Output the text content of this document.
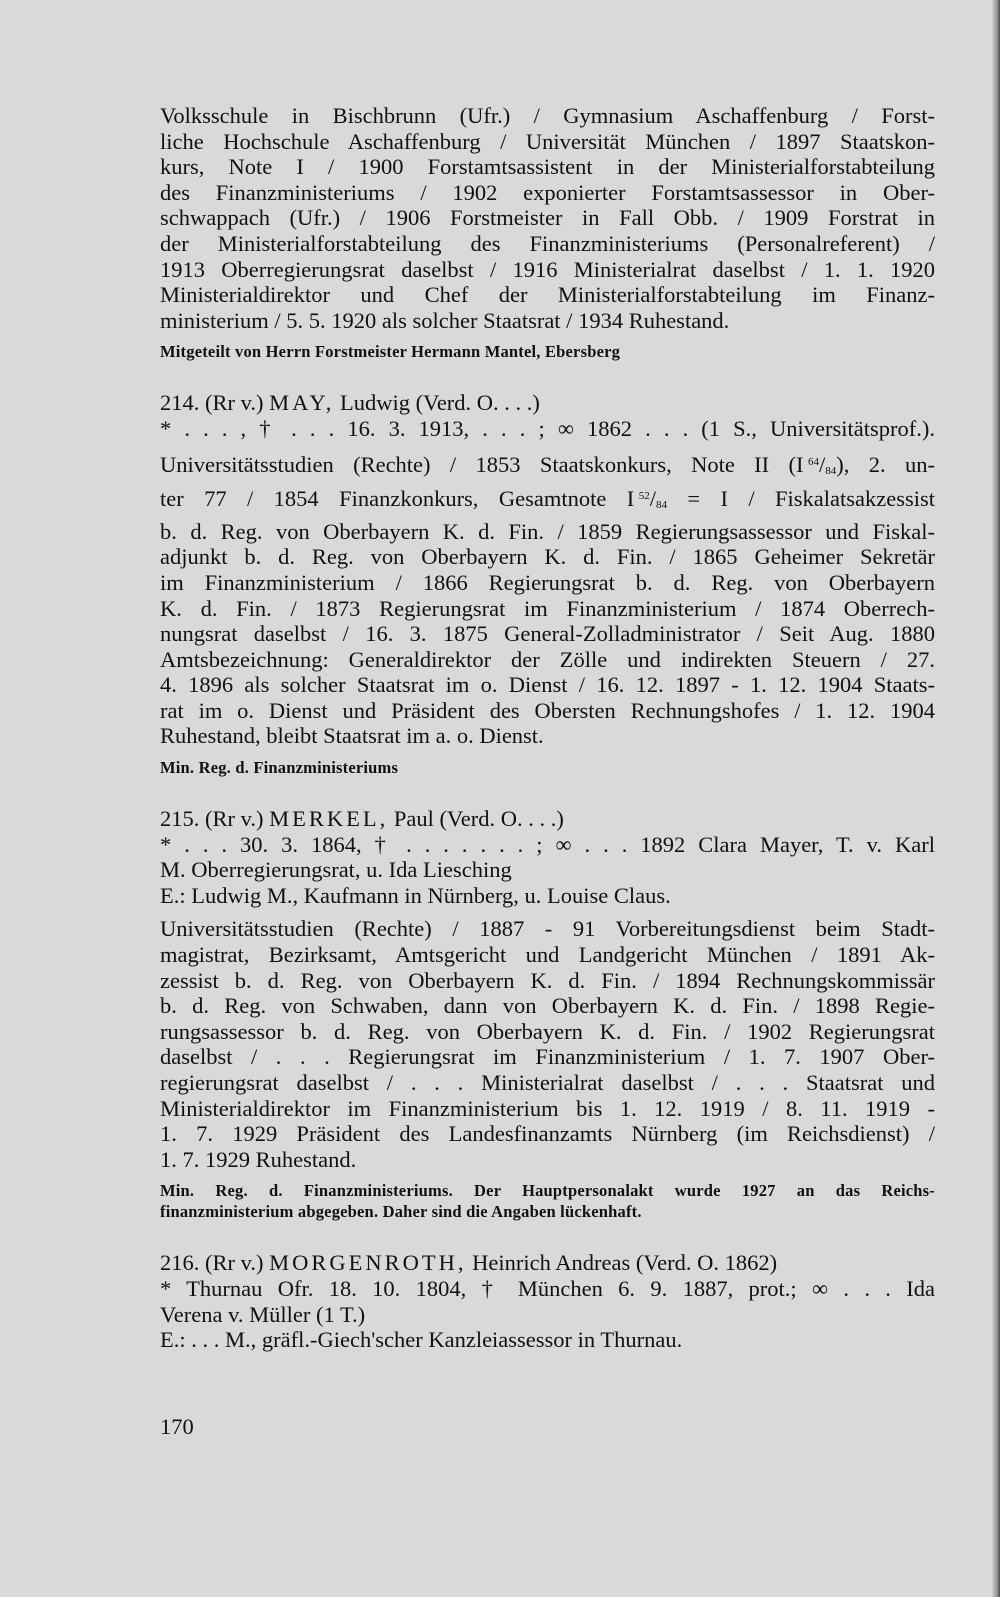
Volksschule in Bischbrunn (Ufr.) / Gymnasium Aschaffenburg / Forst-
liche Hochschule Aschaffenburg / Universität München / 1897 Staatskon-
kurs, Note I / 1900 Forstamtsassistent in der Ministerialforstabteilung
des Finanzministeriums / 1902 exponierter Forstamtsassessor in Ober-
schwappach (Ufr.) / 1906 Forstmeister in Fall Obb. / 1909 Forstrat in
der Ministerialforstabteilung des Finanzministeriums (Personalreferent) /
1913 Oberregierungsrat daselbst / 1916 Ministerialrat daselbst / 1. 1. 1920
Ministerialdirektor und Chef der Ministerialforstabteilung im Finanz-
ministerium / 5. 5. 1920 als solcher Staatsrat / 1934 Ruhestand.
Mitgeteilt von Herrn Forstmeister Hermann Mantel, Ebersberg
214. (Rr v.) MAY, Ludwig (Verd. O. . . .)
* . . . , † . . . 16. 3. 1913, . . . ; ∞ 1862 . . . (1 S., Universitätsprof.).
Universitätsstudien (Rechte) / 1853 Staatskonkurs, Note II (I  $^{64}/_{84}$), 2. un-
ter 77 / 1854 Finanzkonkurs, Gesamtnote I  $^{52}/_{84} = I$ / Fiskalatsakzessist
b. d. Reg. von Oberbayern K. d. Fin. / 1859 Regierungsassessor und Fiskal-
adjunkt b. d. Reg. von Oberbayern K. d. Fin. / 1865 Geheimer Sekretär
im Finanzministerium / 1866 Regierungsrat b. d. Reg. von Oberbayern
K. d. Fin. / 1873 Regierungsrat im Finanzministerium / 1874 Oberrech-
nungsrat daselbst / 16. 3. 1875 General-Zolladministrator / Seit Aug. 1880
Amtsbezeichnung: Generaldirektor der Zölle und indirekten Steuern / 27.
4. 1896 als solcher Staatsrat im o. Dienst / 16. 12. 1897 - 1. 12. 1904 Staats-
rat im o. Dienst und Präsident des Obersten Rechnungshofes / 1. 12. 1904
Ruhestand, bleibt Staatsrat im a. o. Dienst.
Min. Reg. d. Finanzministeriums
215. (Rr v.) MERKEL, Paul (Verd. O. . . .)
* . . . 30. 3. 1864, † . . . . . . . ; ∞ . . . 1892 Clara Mayer, T. v. Karl
M. Oberregierungsrat, u. Ida Liesching
E.: Ludwig M., Kaufmann in Nürnberg, u. Louise Claus.
Universitätsstudien (Rechte) / 1887 - 91 Vorbereitungsdienst beim Stadt-
magistrat, Bezirksamt, Amtsgericht und Landgericht München / 1891 Ak-
zessist b. d. Reg. von Oberbayern K. d. Fin. / 1894 Rechnungskommissär
b. d. Reg. von Schwaben, dann von Oberbayern K. d. Fin. / 1898 Regie-
rungsassessor b. d. Reg. von Oberbayern K. d. Fin. / 1902 Regierungsrat
daselbst / . . . Regierungsrat im Finanzministerium / 1. 7. 1907 Ober-
regierungsrat daselbst / . . . Ministerialrat daselbst / . . . Staatsrat und
Ministerialdirektor im Finanzministerium bis 1. 12. 1919 / 8. 11. 1919 -
1. 7. 1929 Präsident des Landesfinanzamts Nürnberg (im Reichsdienst) /
1. 7. 1929 Ruhestand.
Min. Reg. d. Finanzministeriums. Der Hauptpersonalakt wurde 1927 an das Reichs-
finanzministerium abgegeben. Daher sind die Angaben lückenhaft.
216. (Rr v.) MORGENROTH, Heinrich Andreas (Verd. O. 1862)
* Thurnau Ofr. 18. 10. 1804, † München 6. 9. 1887, prot.; ∞ . . . Ida
Verena v. Müller (1 T.)
E.: . . . M., gräfl.-Giech'scher Kanzleiassessor in Thurnau.
170
